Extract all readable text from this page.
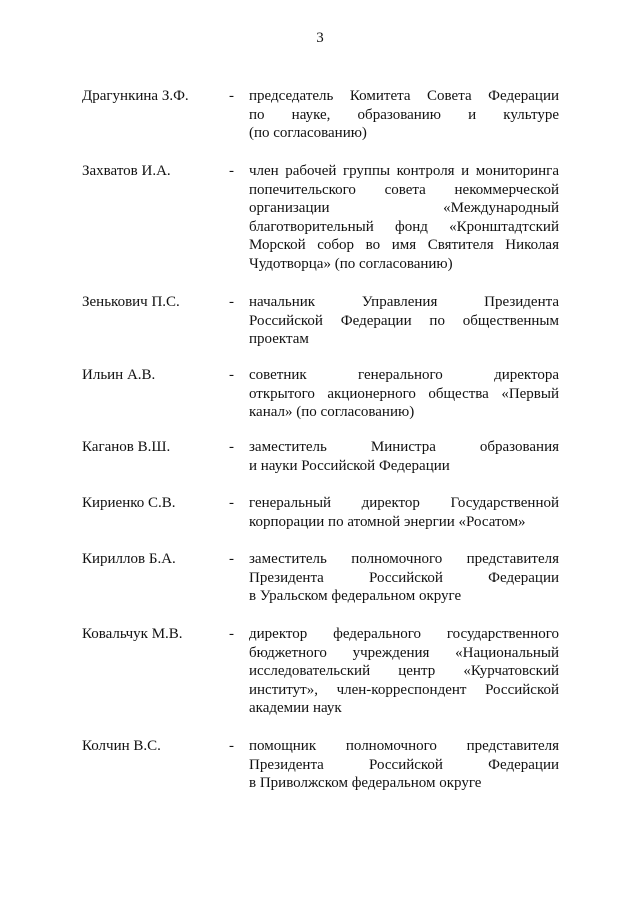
3
Драгункина З.Ф.	- председатель Комитета Совета Федерации
по науке, образованию и культуре
(по согласованию)
Захватов И.А.	- член рабочей группы контроля и мониторинга
попечительского совета некоммерческой
организации «Международный
благотворительный фонд «Кронштадтский
Морской собор во имя Святителя Николая
Чудотворца» (по согласованию)
Зенькович П.С.	- начальник Управления Президента
Российской Федерации по общественным
проектам
Ильин А.В.	- советник генерального директора
открытого акционерного общества «Первый
канал» (по согласованию)
Каганов В.Ш.	- заместитель Министра образования
и науки Российской Федерации
Кириенко С.В.	- генеральный директор Государственной
корпорации по атомной энергии «Росатом»
Кириллов Б.А.	- заместитель полномочного представителя
Президента Российской Федерации
в Уральском федеральном округе
Ковальчук М.В.	- директор федерального государственного
бюджетного учреждения «Национальный
исследовательский центр «Курчатовский
институт», член-корреспондент Российской
академии наук
Колчин В.С.	- помощник полномочного представителя
Президента Российской Федерации
в Приволжском федеральном округе
